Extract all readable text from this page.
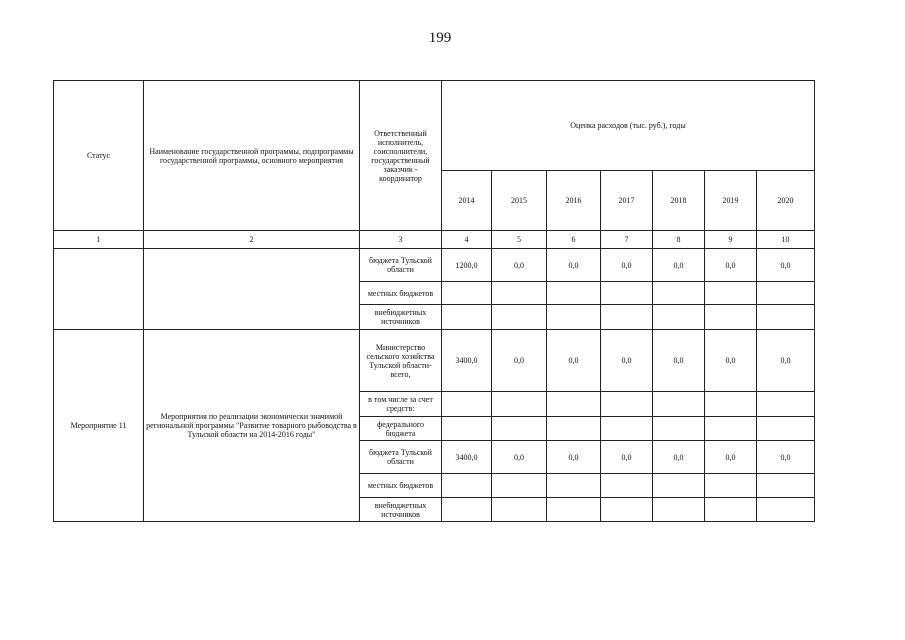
199
Статус	Наименование государственной программы, подпрограммы государственной программы, основного мероприятия	Ответственный исполнитель, соисполнители, государственный заказчик - координатор	Оценка расходов (тыс. руб.), годы						
			2014	2015	2016	2017	2018	2019	2020
1	2	3	4	5	6	7	8	9	10
		бюджета Тульской области	1200,0	0,0	0,0	0,0	0,0	0,0	0,0
		местных бюджетов							
		внебюджетных источников							
Мероприятие 11	Мероприятия по реализации экономически значимой региональной программы "Развитие товарного рыбоводства в Тульской области на 2014-2016 годы"	Министерство сельского хозяйства Тульской области- всего,	3400,0	0,0	0,0	0,0	0,0	0,0	0,0
		в том числе за счет средств:							
		федерального бюджета							
		бюджета Тульской области	3400,0	0,0	0,0	0,0	0,0	0,0	0,0
		местных бюджетов							
		внебюджетных источников							
